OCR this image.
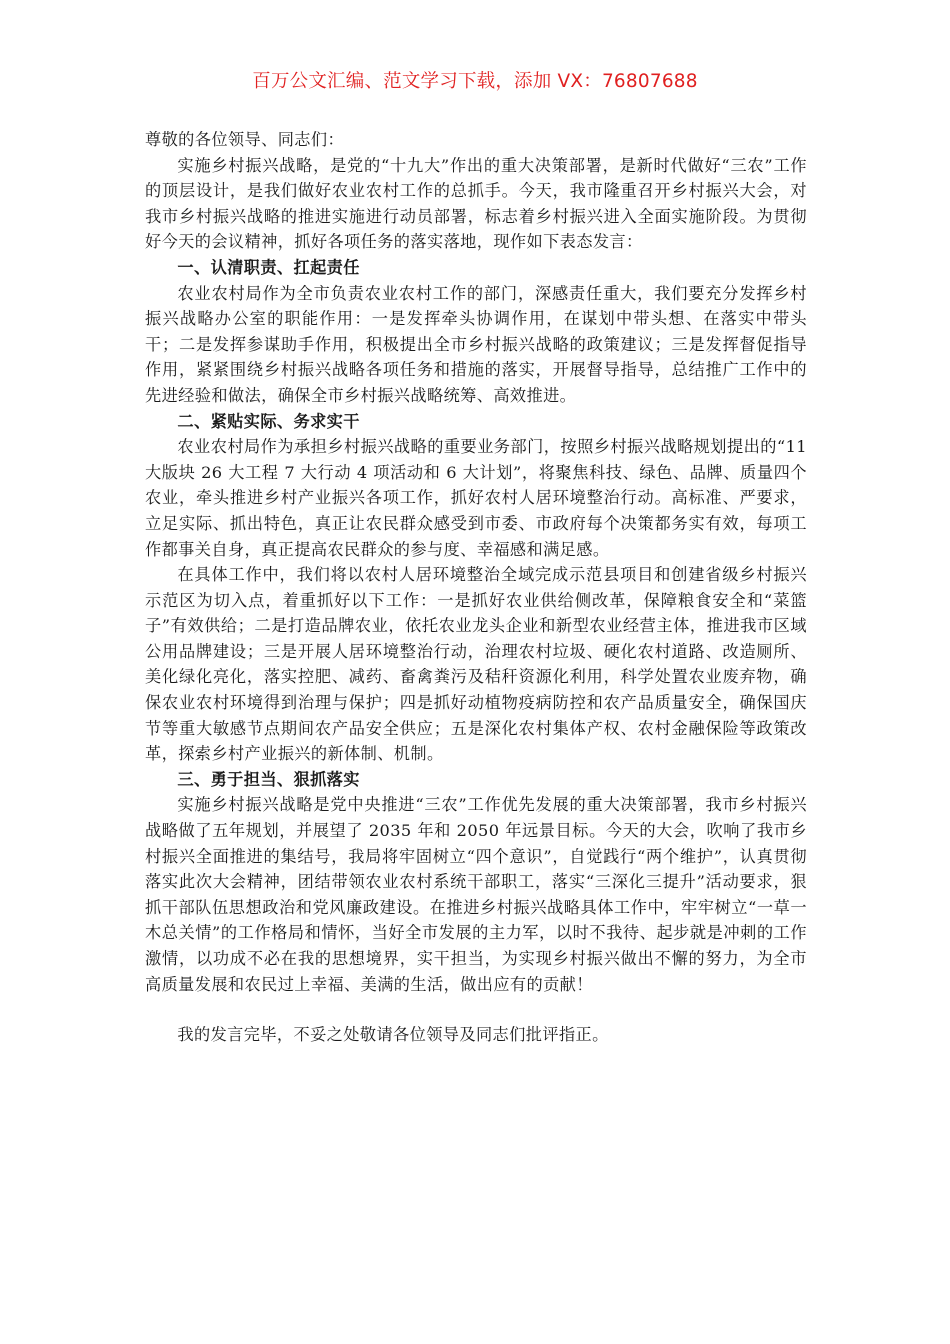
百万公文汇编、范文学习下载，添加 VX：76807688

尊敬的各位领导、同志们：

实施乡村振兴战略，是党的“十九大”作出的重大决策部署，是新时代做好“三农”工作的顶层设计，是我们做好农业农村工作的总抓手。今天，我市隆重召开乡村振兴大会，对我市乡村振兴战略的推进实施进行动员部署，标志着乡村振兴进入全面实施阶段。为贯彻好今天的会议精神，抓好各项任务的落实落地，现作如下表态发言：

一、认清职责、扛起责任

农业农村局作为全市负责农业农村工作的部门，深感责任重大，我们要充分发挥乡村振兴战略办公室的职能作用：一是发挥牵头协调作用，在谋划中带头想、在落实中带头干；二是发挥参谋助手作用，积极提出全市乡村振兴战略的政策建议；三是发挥督促指导作用，紧紧围绕乡村振兴战略各项任务和措施的落实，开展督导指导，总结推广工作中的先进经验和做法，确保全市乡村振兴战略统筹、高效推进。

二、紧贴实际、务求实干

农业农村局作为承担乡村振兴战略的重要业务部门，按照乡村振兴战略规划提出的“11 大版块 26 大工程 7 大行动 4 项活动和 6 大计划”，将聚焦科技、绿色、品牌、质量四个农业，牵头推进乡村产业振兴各项工作，抓好农村人居环境整治行动。高标准、严要求，立足实际、抓出特色，真正让农民群众感受到市委、市政府每个决策都务实有效，每项工作都事关自身，真正提高农民群众的参与度、幸福感和满足感。

在具体工作中，我们将以农村人居环境整治全域完成示范县项目和创建省级乡村振兴示范区为切入点，着重抓好以下工作：一是抓好农业供给侧改革，保障粮食安全和“菜篮子”有效供给；二是打造品牌农业，依托农业龙头企业和新型农业经营主体，推进我市区域公用品牌建设；三是开展人居环境整治行动，治理农村垃圾、硬化农村道路、改造厕所、美化绿化亮化，落实控肥、减药、畜禽粪污及秸秆资源化利用，科学处置农业废弃物，确保农业农村环境得到治理与保护；四是抓好动植物疫病防控和农产品质量安全，确保国庆节等重大敏感节点期间农产品安全供应；五是深化农村集体产权、农村金融保险等政策改革，探索乡村产业振兴的新体制、机制。

三、勇于担当、狠抓落实

实施乡村振兴战略是党中央推进“三农”工作优先发展的重大决策部署，我市乡村振兴战略做了五年规划，并展望了 2035 年和 2050 年远景目标。今天的大会，吹响了我市乡村振兴全面推进的集结号，我局将牢固树立“四个意识”，自觉践行“两个维护”，认真贯彻落实此次大会精神，团结带领农业农村系统干部职工，落实“三深化三提升”活动要求，狠抓干部队伍思想政治和党风廉政建设。在推进乡村振兴战略具体工作中，牢牢树立“一草一木总关情”的工作格局和情怀，当好全市发展的主力军，以时不我待、起步就是冲刺的工作激情，以功成不必在我的思想境界，实干担当，为实现乡村振兴做出不懈的努力，为全市高质量发展和农民过上幸福、美满的生活，做出应有的贡献！

我的发言完毕，不妥之处敬请各位领导及同志们批评指正。
